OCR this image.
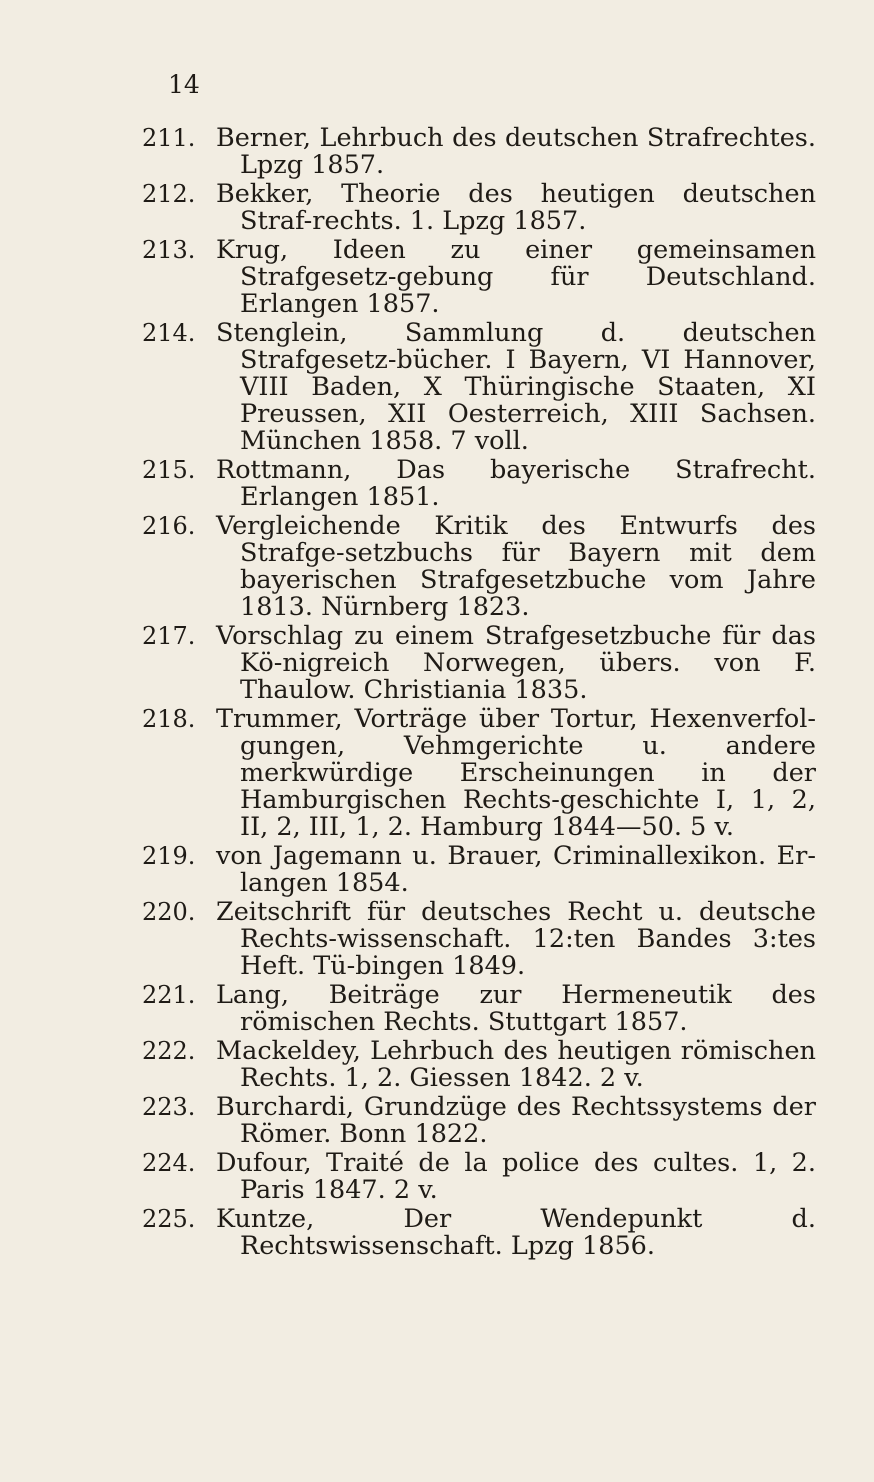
14

211. Berner, Lehrbuch des deutschen Strafrechtes. Lpzg 1857.

212. Bekker, Theorie des heutigen deutschen Straf-rechts. 1. Lpzg 1857.

213. Krug, Ideen zu einer gemeinsamen Strafgesetz-gebung für Deutschland. Erlangen 1857.

214. Stenglein, Sammlung d. deutschen Strafgesetz-bücher. I Bayern, VI Hannover, VIII Baden, X Thüringische Staaten, XI Preussen, XII Oesterreich, XIII Sachsen. München 1858. 7 voll.

215. Rottmann, Das bayerische Strafrecht. Erlangen 1851.

216. Vergleichende Kritik des Entwurfs des Strafge-setzbuchs für Bayern mit dem bayerischen Strafgesetzbuche vom Jahre 1813. Nürnberg 1823.

217. Vorschlag zu einem Strafgesetzbuche für das Kö-nigreich Norwegen, übers. von F. Thaulow. Christiania 1835.

218. Trummer, Vorträge über Tortur, Hexenverfol-gungen, Vehmgerichte u. andere merkwürdige Erscheinungen in der Hamburgischen Rechts-geschichte I, 1, 2, II, 2, III, 1, 2. Hamburg 1844—50. 5 v.

219. von Jagemann u. Brauer, Criminallexikon. Er-langen 1854.

220. Zeitschrift für deutsches Recht u. deutsche Rechts-wissenschaft. 12:ten Bandes 3:tes Heft. Tü-bingen 1849.

221. Lang, Beiträge zur Hermeneutik des römischen Rechts. Stuttgart 1857.

222. Mackeldey, Lehrbuch des heutigen römischen Rechts. 1, 2. Giessen 1842. 2 v.

223. Burchardi, Grundzüge des Rechtssystems der Römer. Bonn 1822.

224. Dufour, Traité de la police des cultes. 1, 2. Paris 1847. 2 v.

225. Kuntze, Der Wendepunkt d. Rechtswissenschaft. Lpzg 1856.
